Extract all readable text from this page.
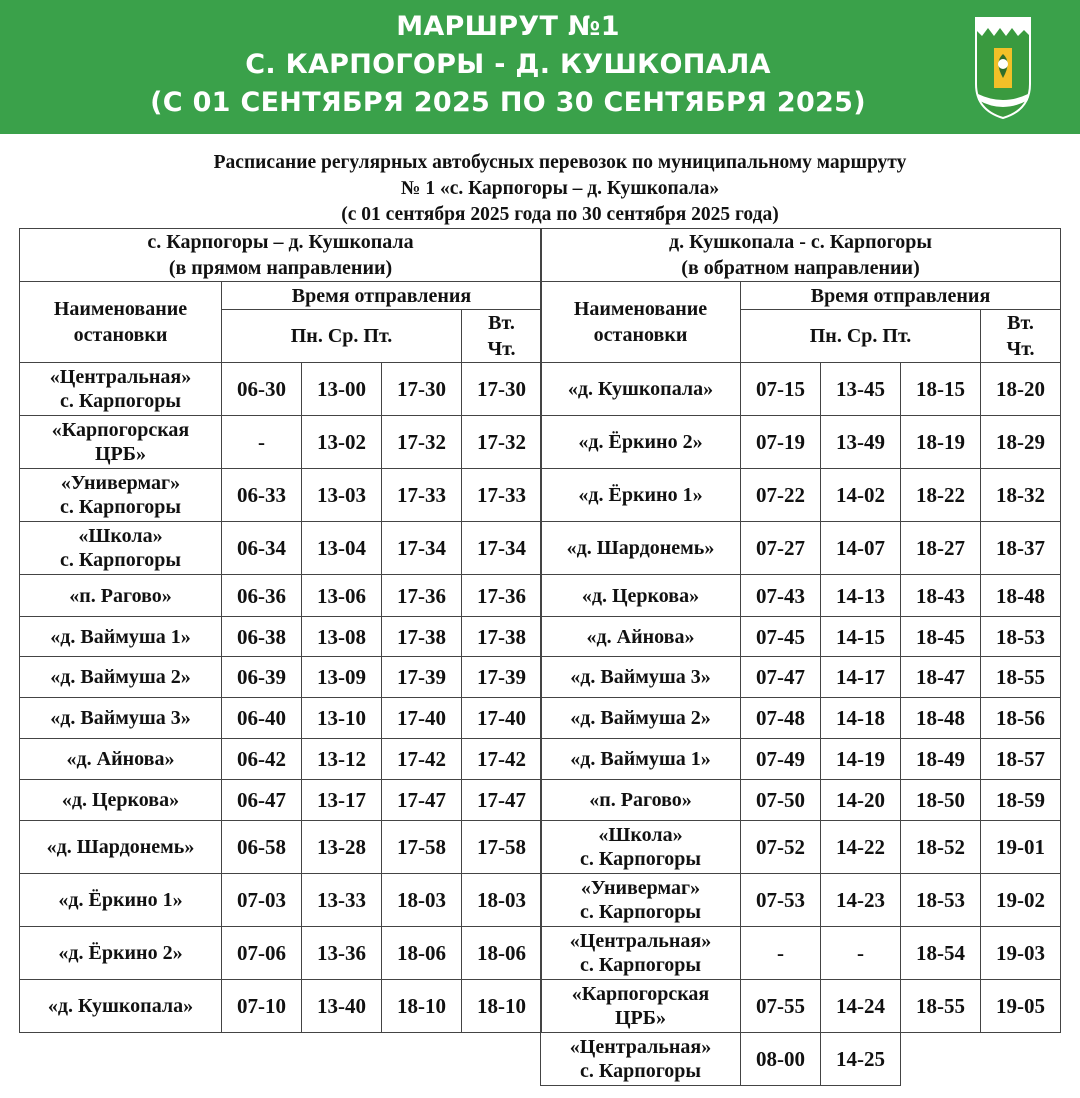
МАРШРУТ №1
С. КАРПОГОРЫ - Д. КУШКОПАЛА
(С 01 СЕНТЯБРЯ 2025 ПО 30 СЕНТЯБРЯ 2025)
Расписание регулярных автобусных перевозок по муниципальному маршруту
№ 1 «с. Карпогоры – д. Кушкопала»
(с 01 сентября 2025 года по 30 сентября 2025 года)
с. Карпогоры – д. Кушкопала
(в прямом направлении)				

Наименование
остановки	Время отправления			
	Пн. Ср. Пт.			Вт.
Чт.

«Центральная»
с. Карпогоры	06-30	13-00	17-30	17-30

«Карпогорская
ЦРБ»	-	13-02	17-32	17-32

«Универмаг»
с. Карпогоры	06-33	13-03	17-33	17-33

«Школа»
с. Карпогоры	06-34	13-04	17-34	17-34

«п. Рагово»	06-36	13-06	17-36	17-36

«д. Ваймуша 1»	06-38	13-08	17-38	17-38

«д. Ваймуша 2»	06-39	13-09	17-39	17-39

«д. Ваймуша 3»	06-40	13-10	17-40	17-40

«д. Айнова»	06-42	13-12	17-42	17-42

«д. Церкова»	06-47	13-17	17-47	17-47

«д. Шардонемь»	06-58	13-28	17-58	17-58

«д. Ёркино 1»	07-03	13-33	18-03	18-03

«д. Ёркино 2»	07-06	13-36	18-06	18-06

«д. Кушкопала»	07-10	13-40	18-10	18-10
д. Кушкопала - с. Карпогоры
(в обратном направлении)				

Наименование
остановки	Время отправления			
	Пн. Ср. Пт.			Вт.
Чт.

«д. Кушкопала»	07-15	13-45	18-15	18-20

«д. Ёркино 2»	07-19	13-49	18-19	18-29

«д. Ёркино 1»	07-22	14-02	18-22	18-32

«д. Шардонемь»	07-27	14-07	18-27	18-37

«д. Церкова»	07-43	14-13	18-43	18-48

«д. Айнова»	07-45	14-15	18-45	18-53

«д. Ваймуша 3»	07-47	14-17	18-47	18-55

«д. Ваймуша 2»	07-48	14-18	18-48	18-56

«д. Ваймуша 1»	07-49	14-19	18-49	18-57

«п. Рагово»	07-50	14-20	18-50	18-59

«Школа»
с. Карпогоры	07-52	14-22	18-52	19-01

«Универмаг»
с. Карпогоры	07-53	14-23	18-53	19-02

«Центральная»
с. Карпогоры	-	-	18-54	19-03

«Карпогорская
ЦРБ»	07-55	14-24	18-55	19-05

«Центральная»
с. Карпогоры	08-00	14-25		
